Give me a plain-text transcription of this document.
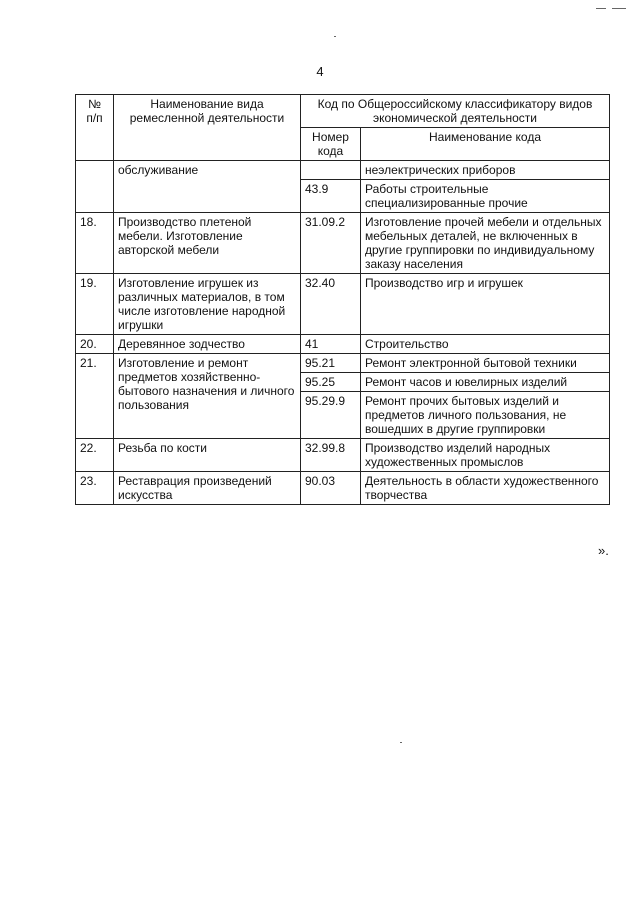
4
№
п/п	Наименование вида ремесленной деятельности	Код по Общероссийскому классификатору видов экономической деятельности	
		Номер кода	Наименование кода
	обслуживание		неэлектрических приборов
		43.9	Работы строительные специализированные прочие
18.	Производство плетеной мебели. Изготовление авторской мебели	31.09.2	Изготовление прочей мебели и отдельных мебельных деталей, не включенных в другие группировки по индивидуальному заказу населения
19.	Изготовление игрушек из различных материалов, в том числе изготовление народной игрушки	32.40	Производство игр и игрушек
20.	Деревянное зодчество	41	Строительство
21.	Изготовление и ремонт предметов хозяйственно-бытового назначения и личного пользования	95.21	Ремонт электронной бытовой техники
		95.25	Ремонт часов и ювелирных изделий
		95.29.9	Ремонт прочих бытовых изделий и предметов личного пользования, не вошедших в другие группировки
22.	Резьба по кости	32.99.8	Производство изделий народных художественных промыслов
23.	Реставрация произведений искусства	90.03	Деятельность в области художественного творчества
».
